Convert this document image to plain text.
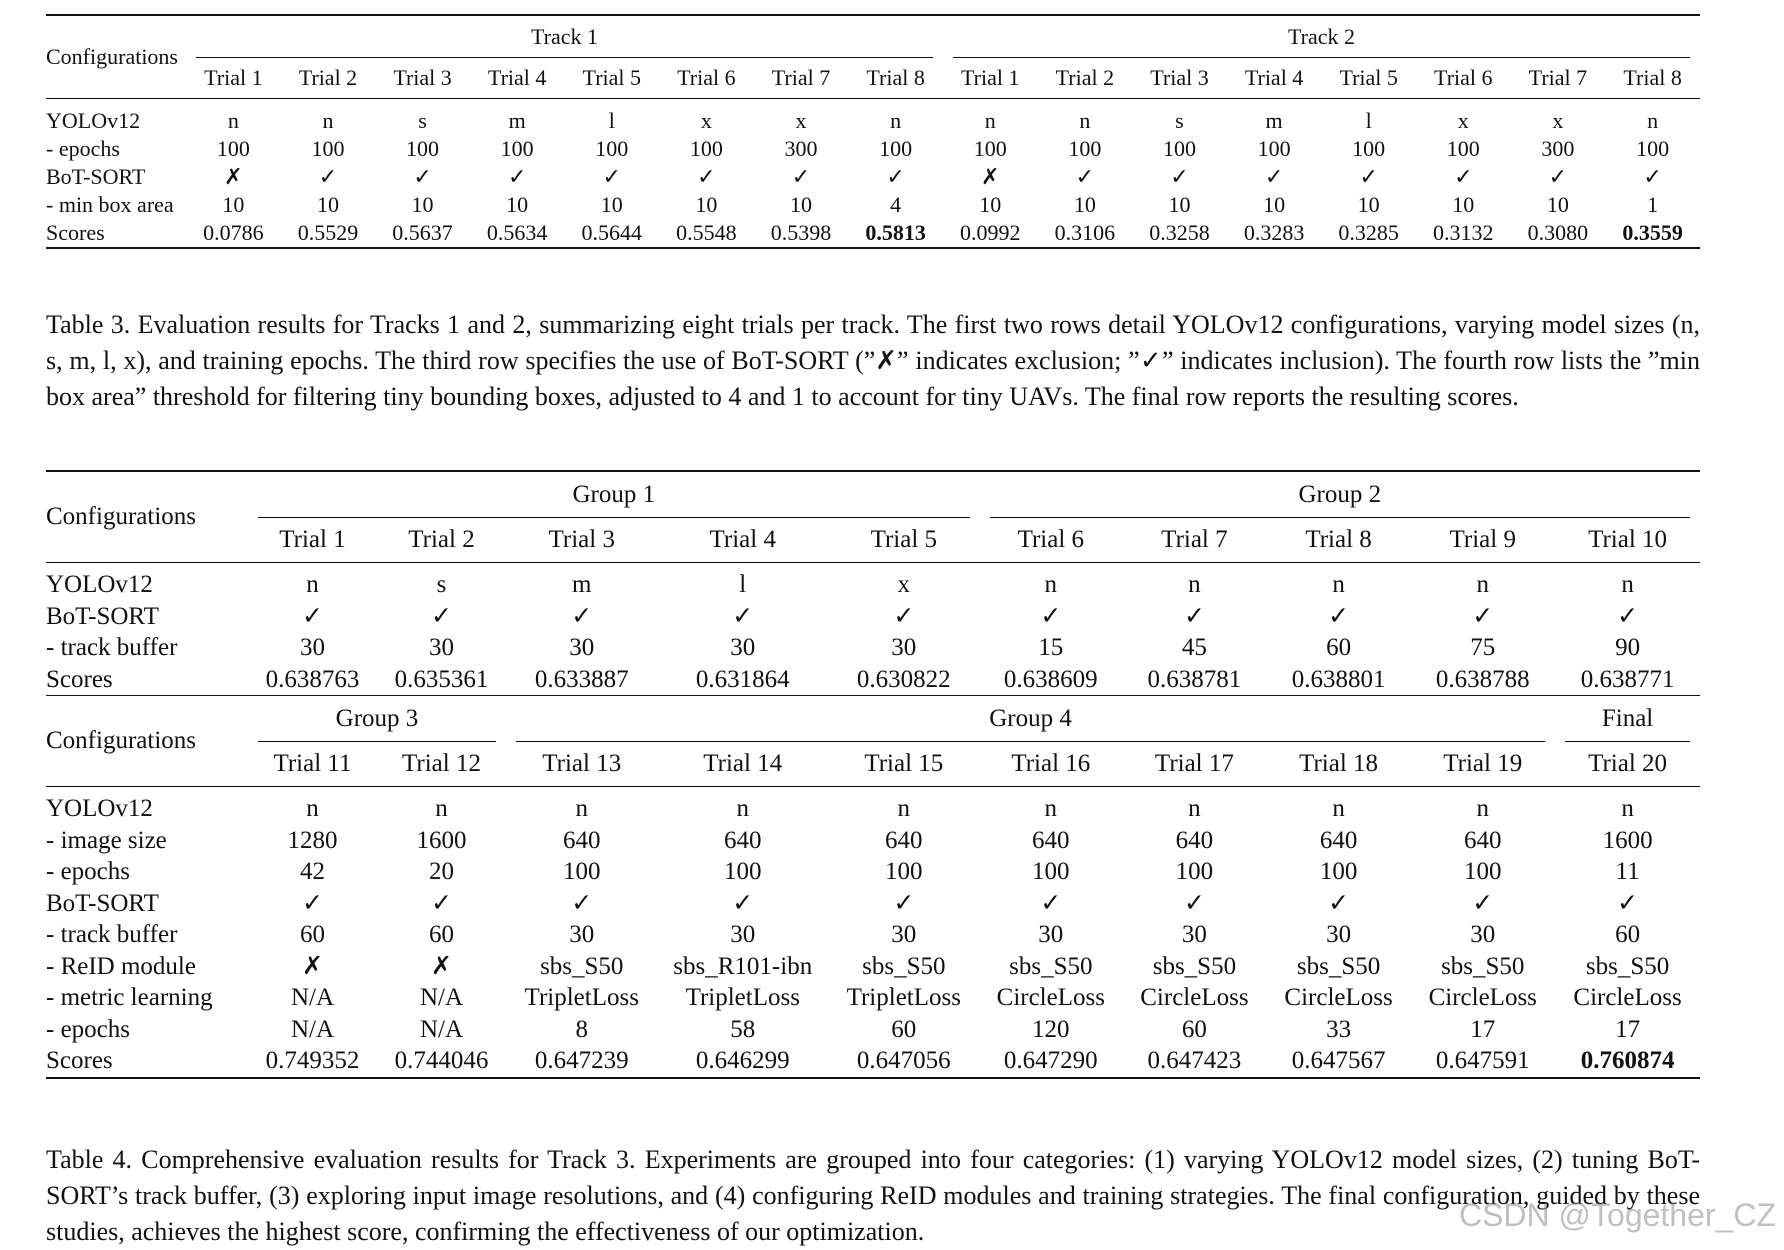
Configurations	Track 1								Track 2							
	Trial 1	Trial 2	Trial 3	Trial 4	Trial 5	Trial 6	Trial 7	Trial 8	Trial 1	Trial 2	Trial 3	Trial 4	Trial 5	Trial 6	Trial 7	Trial 8
YOLOv12	n	n	s	m	l	x	x	n	n	n	s	m	l	x	x	n
- epochs	100	100	100	100	100	100	300	100	100	100	100	100	100	100	300	100
BoT-SORT	✗	✓	✓	✓	✓	✓	✓	✓	✗	✓	✓	✓	✓	✓	✓	✓
- min box area	10	10	10	10	10	10	10	4	10	10	10	10	10	10	10	1
Scores	0.0786	0.5529	0.5637	0.5634	0.5644	0.5548	0.5398	0.5813	0.0992	0.3106	0.3258	0.3283	0.3285	0.3132	0.3080	0.3559

Table 3. Evaluation results for Tracks 1 and 2, summarizing eight trials per track. The first two rows detail YOLOv12 configurations, varying model sizes (n, s, m, l, x), and training epochs. The third row specifies the use of BoT-SORT (”✗” indicates exclusion; ”✓” indicates inclusion). The fourth row lists the ”min box area” threshold for filtering tiny bounding boxes, adjusted to 4 and 1 to account for tiny UAVs. The final row reports the resulting scores.

Configurations	Group 1					Group 2				
	Trial 1	Trial 2	Trial 3	Trial 4	Trial 5	Trial 6	Trial 7	Trial 8	Trial 9	Trial 10
YOLOv12	n	s	m	l	x	n	n	n	n	n
BoT-SORT	✓	✓	✓	✓	✓	✓	✓	✓	✓	✓
- track buffer	30	30	30	30	30	15	45	60	75	90
Scores	0.638763	0.635361	0.633887	0.631864	0.630822	0.638609	0.638781	0.638801	0.638788	0.638771
Configurations	Group 3		Group 4							Final
	Trial 11	Trial 12	Trial 13	Trial 14	Trial 15	Trial 16	Trial 17	Trial 18	Trial 19	Trial 20
YOLOv12	n	n	n	n	n	n	n	n	n	n
- image size	1280	1600	640	640	640	640	640	640	640	1600
- epochs	42	20	100	100	100	100	100	100	100	11
BoT-SORT	✓	✓	✓	✓	✓	✓	✓	✓	✓	✓
- track buffer	60	60	30	30	30	30	30	30	30	60
- ReID module	✗	✗	sbs_S50	sbs_R101-ibn	sbs_S50	sbs_S50	sbs_S50	sbs_S50	sbs_S50	sbs_S50
- metric learning	N/A	N/A	TripletLoss	TripletLoss	TripletLoss	CircleLoss	CircleLoss	CircleLoss	CircleLoss	CircleLoss
- epochs	N/A	N/A	8	58	60	120	60	33	17	17
Scores	0.749352	0.744046	0.647239	0.646299	0.647056	0.647290	0.647423	0.647567	0.647591	0.760874

Table 4. Comprehensive evaluation results for Track 3. Experiments are grouped into four categories: (1) varying YOLOv12 model sizes, (2) tuning BoT-SORT’s track buffer, (3) exploring input image resolutions, and (4) configuring ReID modules and training strategies. The final configuration, guided by these studies, achieves the highest score, confirming the effectiveness of our optimization.	CSDN @Together_CZ
